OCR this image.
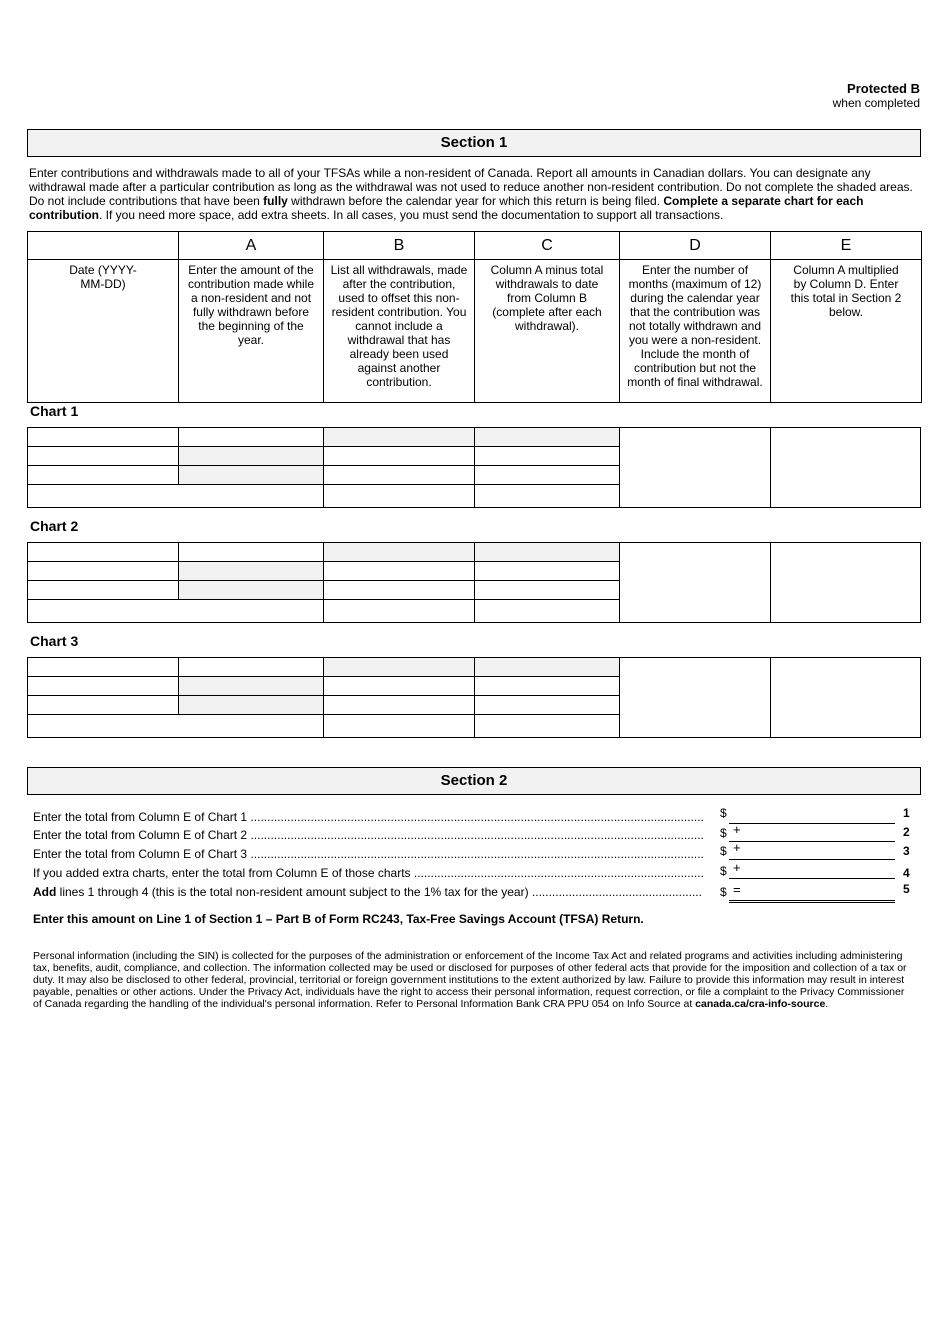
Protected B
when completed
Section 1
Enter contributions and withdrawals made to all of your TFSAs while a non-resident of Canada. Report all amounts in Canadian dollars. You can designate any withdrawal made after a particular contribution as long as the withdrawal was not used to reduce another non-resident contribution. Do not complete the shaded areas. Do not include contributions that have been fully withdrawn before the calendar year for which this return is being filed. Complete a separate chart for each contribution. If you need more space, add extra sheets. In all cases, you must send the documentation to support all transactions.
	A	B	C	D	E
Date (YYYY-MM-DD)	Enter the amount of the contribution made while a non-resident and not fully withdrawn before the beginning of the year.	List all withdrawals, made after the contribution, used to offset this non-resident contribution. You cannot include a withdrawal that has already been used against another contribution.	Column A minus total withdrawals to date from Column B (complete after each withdrawal).	Enter the number of months (maximum of 12) during the calendar year that the contribution was not totally withdrawn and you were a non-resident. Include the month of contribution but not the month of final withdrawal.	Column A multiplied by Column D. Enter this total in Section 2 below.
Chart 1
Chart 2
Chart 3
Section 2
Enter the total from Column E of Chart 1 .....	$	1
Enter the total from Column E of Chart 2 .....	$ +	2
Enter the total from Column E of Chart 3 .....	$ +	3
If you added extra charts, enter the total from Column E of those charts .....	$ +	4
Add lines 1 through 4 (this is the total non-resident amount subject to the 1% tax for the year) .....	$ =	5
Enter this amount on Line 1 of Section 1 – Part B of Form RC243, Tax-Free Savings Account (TFSA) Return.
Personal information (including the SIN) is collected for the purposes of the administration or enforcement of the Income Tax Act and related programs and activities including administering tax, benefits, audit, compliance, and collection. The information collected may be used or disclosed for purposes of other federal acts that provide for the imposition and collection of a tax or duty. It may also be disclosed to other federal, provincial, territorial or foreign government institutions to the extent authorized by law. Failure to provide this information may result in interest payable, penalties or other actions. Under the Privacy Act, individuals have the right to access their personal information, request correction, or file a complaint to the Privacy Commissioner of Canada regarding the handling of the individual's personal information. Refer to Personal Information Bank CRA PPU 054 on Info Source at canada.ca/cra-info-source.
